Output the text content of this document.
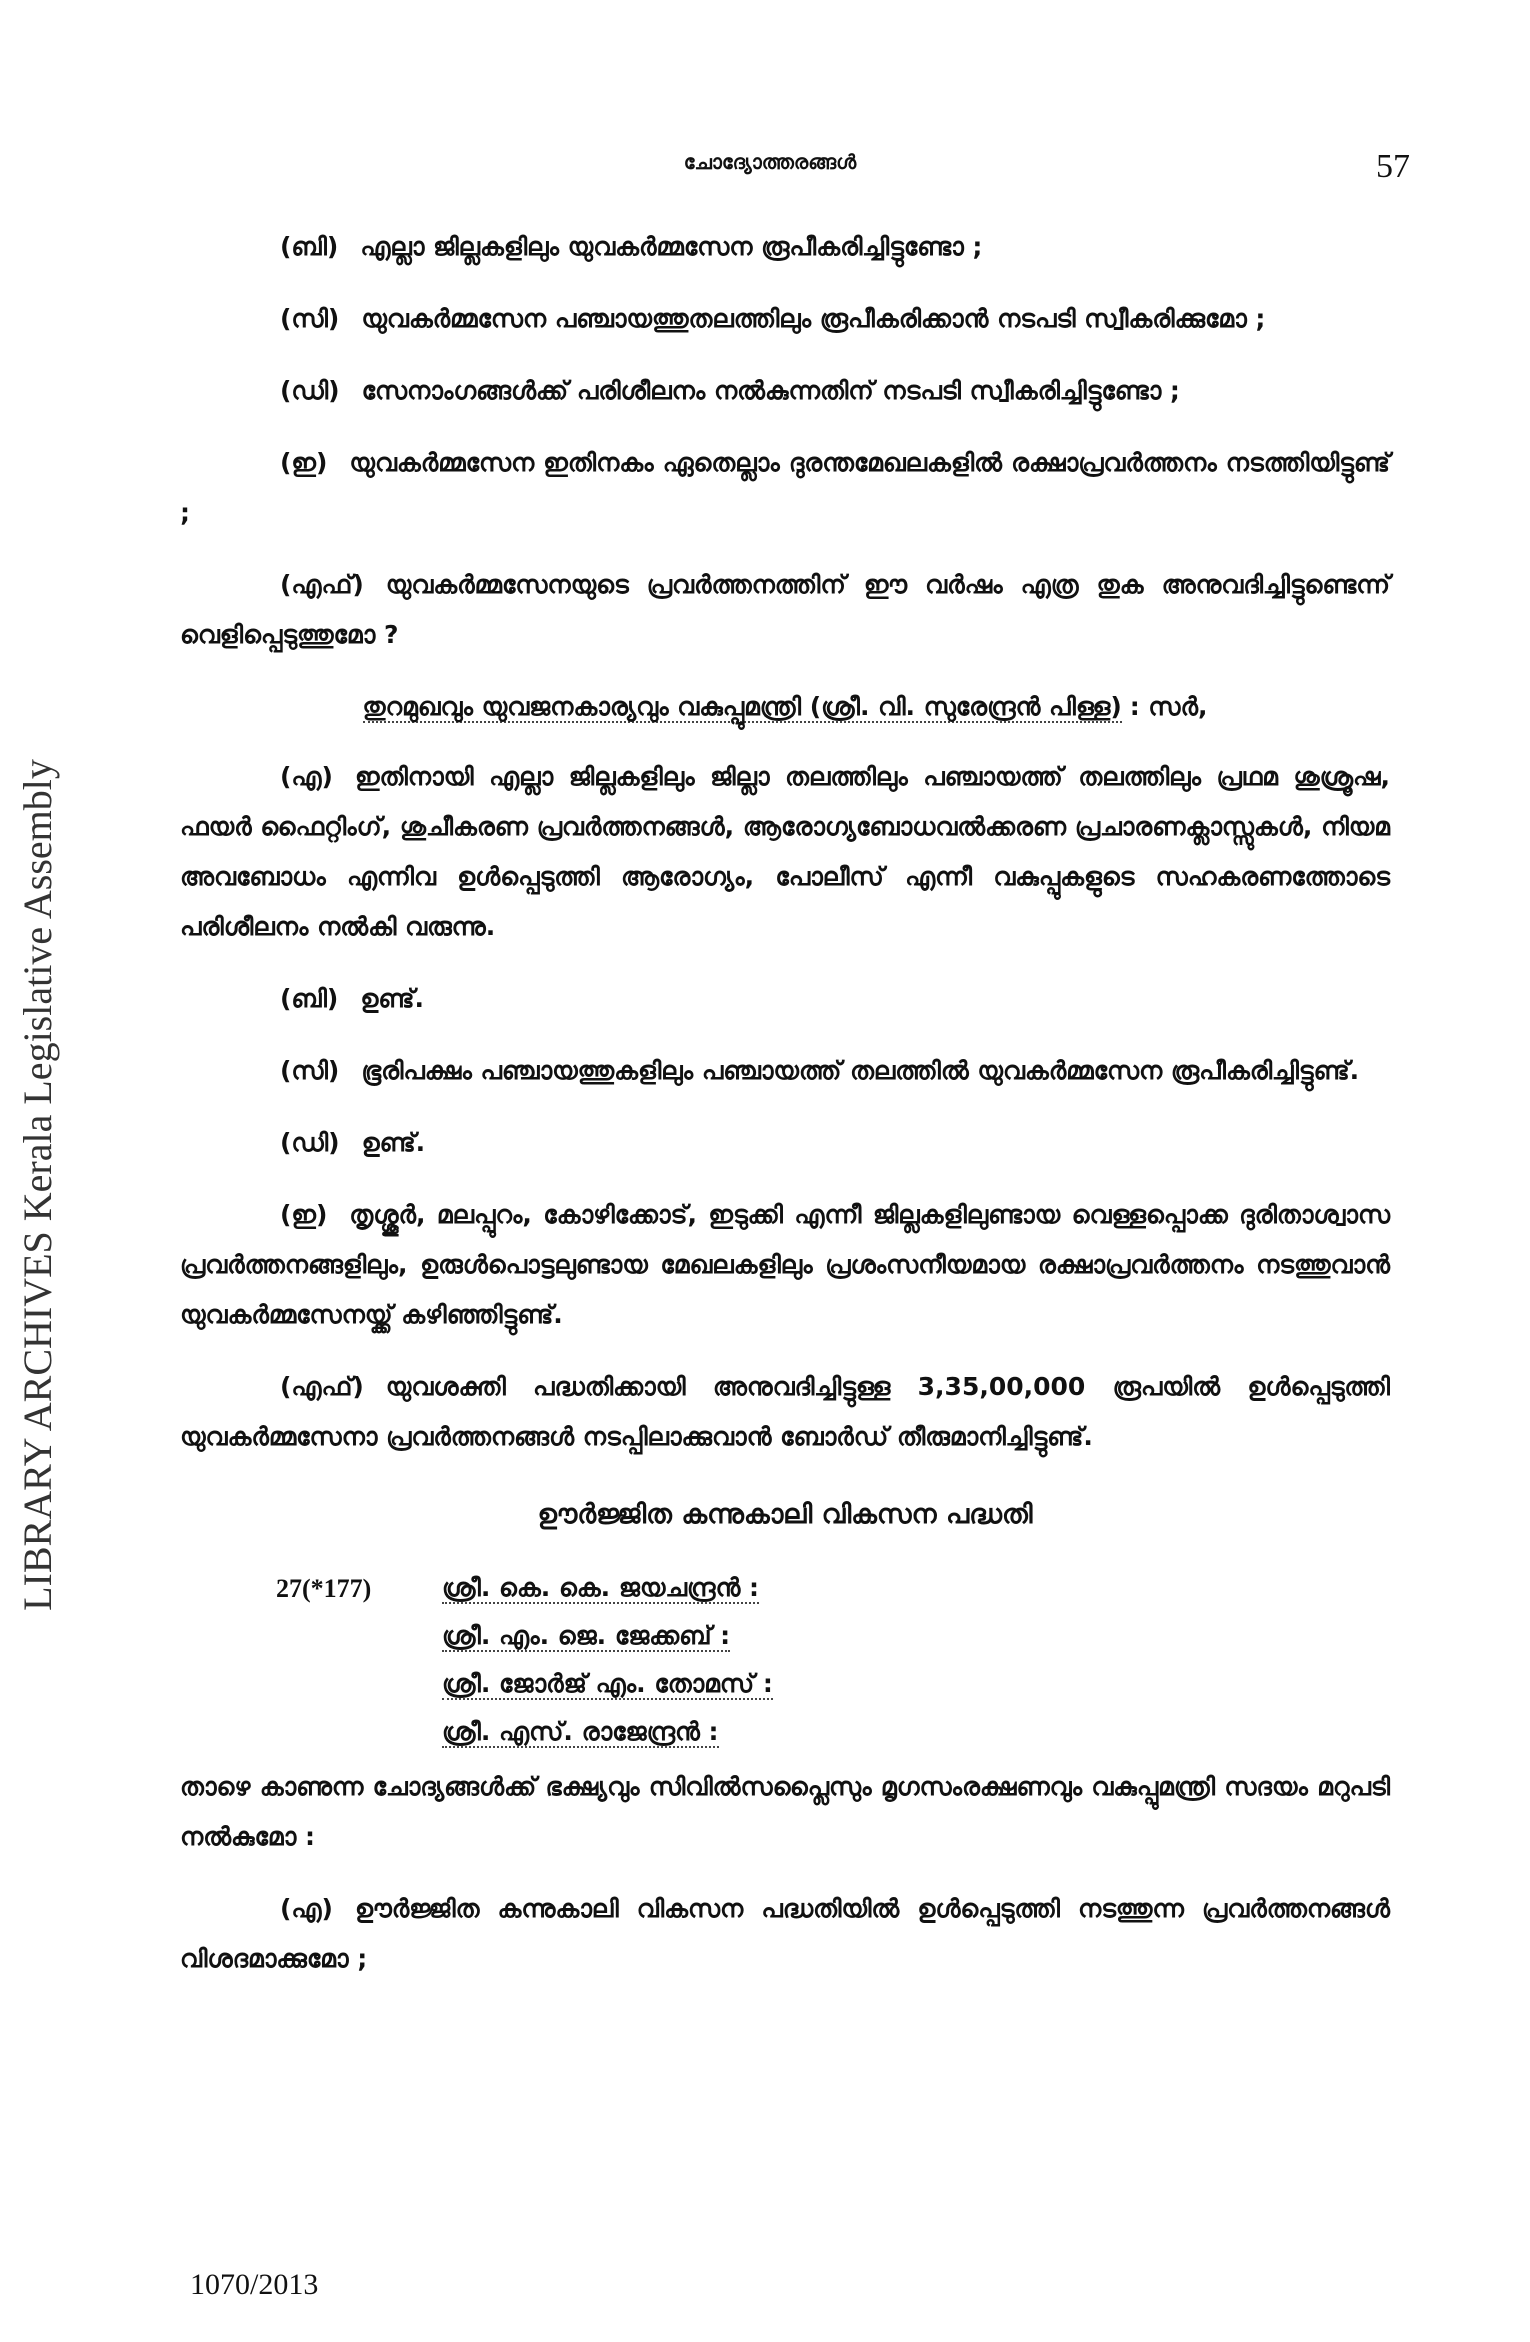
LIBRARY ARCHIVES Kerala Legislative Assembly
ചോദ്യോത്തരങ്ങൾ	57

(ബി) എല്ലാ ജില്ലകളിലും യുവകർമ്മസേന രൂപീകരിച്ചിട്ടുണ്ടോ ;

(സി) യുവകർമ്മസേന പഞ്ചായത്തുതലത്തിലും രൂപീകരിക്കാൻ നടപടി സ്വീകരിക്കുമോ ;

(ഡി) സേനാംഗങ്ങൾക്ക് പരിശീലനം നൽകുന്നതിന് നടപടി സ്വീകരിച്ചിട്ടുണ്ടോ ;

(ഇ) യുവകർമ്മസേന ഇതിനകം ഏതെല്ലാം ദുരന്തമേഖലകളിൽ രക്ഷാപ്രവർത്തനം നടത്തിയിട്ടുണ്ട് ;

(എഫ്) യുവകർമ്മസേനയുടെ പ്രവർത്തനത്തിന് ഈ വർഷം എത്ര തുക അനുവദിച്ചിട്ടുണ്ടെന്ന് വെളിപ്പെടുത്തുമോ ?

തുറമുഖവും യുവജനകാര്യവും വകുപ്പുമന്ത്രി (ശ്രീ. വി. സുരേന്ദ്രൻ പിള്ള) : സർ,

(എ) ഇതിനായി എല്ലാ ജില്ലകളിലും ജില്ലാ തലത്തിലും പഞ്ചായത്ത് തലത്തിലും പ്രഥമ ശുശ്രൂഷ, ഫയർ ഫൈറ്റിംഗ്, ശുചീകരണ പ്രവർത്തനങ്ങൾ, ആരോഗ്യബോധവൽക്കരണ പ്രചാരണക്ലാസ്സുകൾ, നിയമ അവബോധം എന്നിവ ഉൾപ്പെടുത്തി ആരോഗ്യം, പോലീസ് എന്നീ വകുപ്പുകളുടെ സഹകരണത്തോടെ പരിശീലനം നൽകി വരുന്നു.

(ബി) ഉണ്ട്.

(സി) ഭൂരിപക്ഷം പഞ്ചായത്തുകളിലും പഞ്ചായത്ത് തലത്തിൽ യുവകർമ്മസേന രൂപീകരിച്ചിട്ടുണ്ട്.

(ഡി) ഉണ്ട്.

(ഇ) തൃശ്ശൂർ, മലപ്പുറം, കോഴിക്കോട്, ഇടുക്കി എന്നീ ജില്ലകളിലുണ്ടായ വെള്ളപ്പൊക്ക ദുരിതാശ്വാസ പ്രവർത്തനങ്ങളിലും, ഉരുൾപൊട്ടലുണ്ടായ മേഖലകളിലും പ്രശംസനീയമായ രക്ഷാപ്രവർത്തനം നടത്തുവാൻ യുവകർമ്മസേനയ്ക്ക് കഴിഞ്ഞിട്ടുണ്ട്.

(എഫ്) യുവശക്തി പദ്ധതിക്കായി അനുവദിച്ചിട്ടുള്ള 3,35,00,000 രൂപയിൽ ഉൾപ്പെടുത്തി യുവകർമ്മസേനാ പ്രവർത്തനങ്ങൾ നടപ്പിലാക്കുവാൻ ബോർഡ് തീരുമാനിച്ചിട്ടുണ്ട്.

ഊർജ്ജിത കന്നുകാലി വികസന പദ്ധതി
27(*177)	ശ്രീ. കെ. കെ. ജയചന്ദ്രൻ :
ശ്രീ. എം. ജെ. ജേക്കബ് :
ശ്രീ. ജോർജ് എം. തോമസ് :
ശ്രീ. എസ്. രാജേന്ദ്രൻ :

താഴെ കാണുന്ന ചോദ്യങ്ങൾക്ക് ഭക്ഷ്യവും സിവിൽസപ്ലൈസും മൃഗസംരക്ഷണവും വകുപ്പുമന്ത്രി സദയം മറുപടി നൽകുമോ :

(എ) ഊർജ്ജിത കന്നുകാലി വികസന പദ്ധതിയിൽ ഉൾപ്പെടുത്തി നടത്തുന്ന പ്രവർത്തനങ്ങൾ വിശദമാക്കുമോ ;

1070/2013
